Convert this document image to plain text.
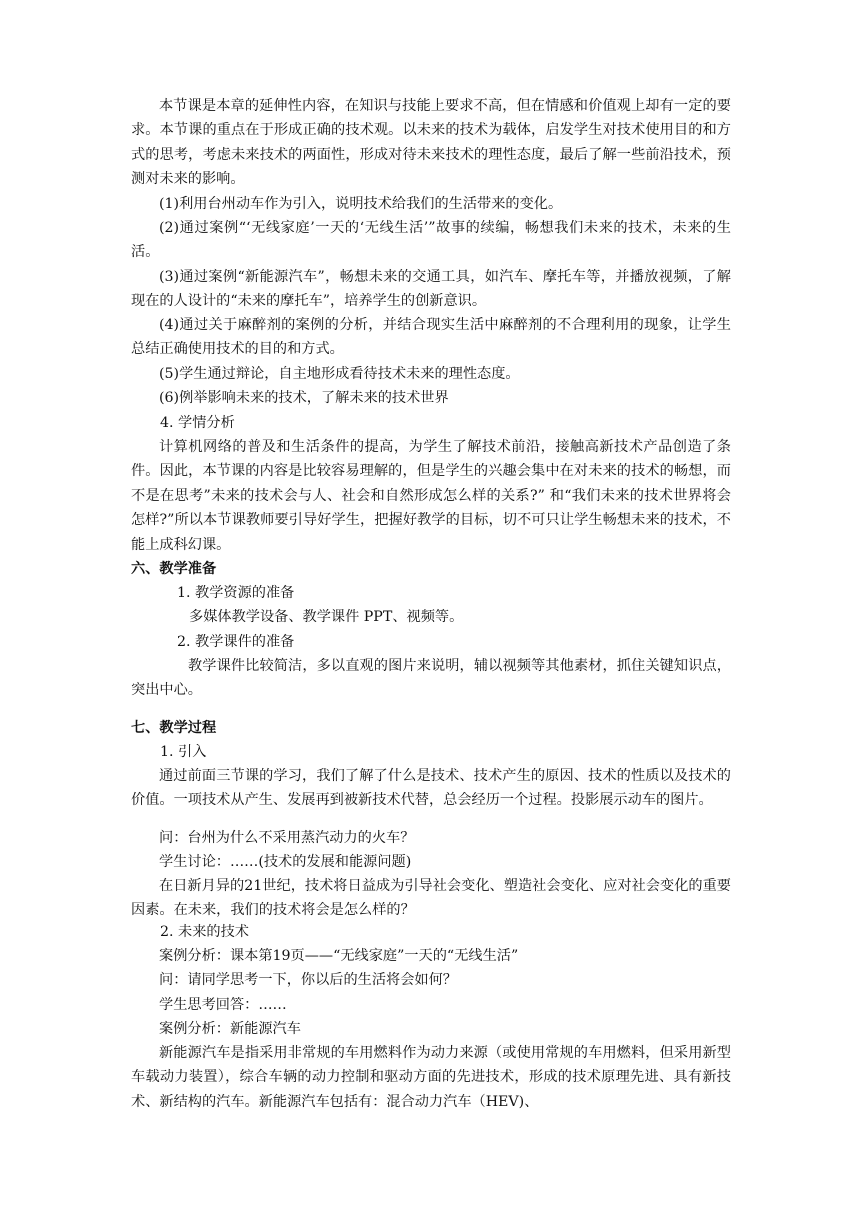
本节课是本章的延伸性内容，在知识与技能上要求不高，但在情感和价值观上却有一定的要求。本节课的重点在于形成正确的技术观。以未来的技术为载体，启发学生对技术使用目的和方式的思考，考虑未来技术的两面性，形成对待未来技术的理性态度，最后了解一些前沿技术，预测对未来的影响。

(1)利用台州动车作为引入，说明技术给我们的生活带来的变化。

(2)通过案例“‘无线家庭’一天的‘无线生活’”故事的续编，畅想我们未来的技术，未来的生活。

(3)通过案例“新能源汽车”，畅想未来的交通工具，如汽车、摩托车等，并播放视频，了解现在的人设计的“未来的摩托车”，培养学生的创新意识。

(4)通过关于麻醉剂的案例的分析，并结合现实生活中麻醉剂的不合理利用的现象，让学生总结正确使用技术的目的和方式。

(5)学生通过辩论，自主地形成看待技术未来的理性态度。

(6)例举影响未来的技术，了解未来的技术世界

4. 学情分析

计算机网络的普及和生活条件的提高，为学生了解技术前沿，接触高新技术产品创造了条件。因此，本节课的内容是比较容易理解的，但是学生的兴趣会集中在对未来的技术的畅想，而不是在思考”未来的技术会与人、社会和自然形成怎么样的关系?” 和“我们未来的技术世界将会怎样?”所以本节课教师要引导好学生，把握好教学的目标，切不可只让学生畅想未来的技术，不能上成科幻课。

六、教学准备

1. 教学资源的准备

多媒体教学设备、教学课件 PPT、视频等。

2. 教学课件的准备

教学课件比较简洁，多以直观的图片来说明，辅以视频等其他素材，抓住关键知识点，突出中心。

七、教学过程

1. 引入

通过前面三节课的学习，我们了解了什么是技术、技术产生的原因、技术的性质以及技术的价值。一项技术从产生、发展再到被新技术代替，总会经历一个过程。投影展示动车的图片。

问：台州为什么不采用蒸汽动力的火车？

学生讨论：……(技术的发展和能源问题)

在日新月异的21世纪，技术将日益成为引导社会变化、塑造社会变化、应对社会变化的重要因素。在未来，我们的技术将会是怎么样的？

2. 未来的技术

案例分析：课本第19页——“无线家庭”一天的“无线生活”

问：请同学思考一下，你以后的生活将会如何？

学生思考回答：……

案例分析：新能源汽车

新能源汽车是指采用非常规的车用燃料作为动力来源（或使用常规的车用燃料，但采用新型车载动力装置），综合车辆的动力控制和驱动方面的先进技术，形成的技术原理先进、具有新技术、新结构的汽车。新能源汽车包括有：混合动力汽车（HEV)、
